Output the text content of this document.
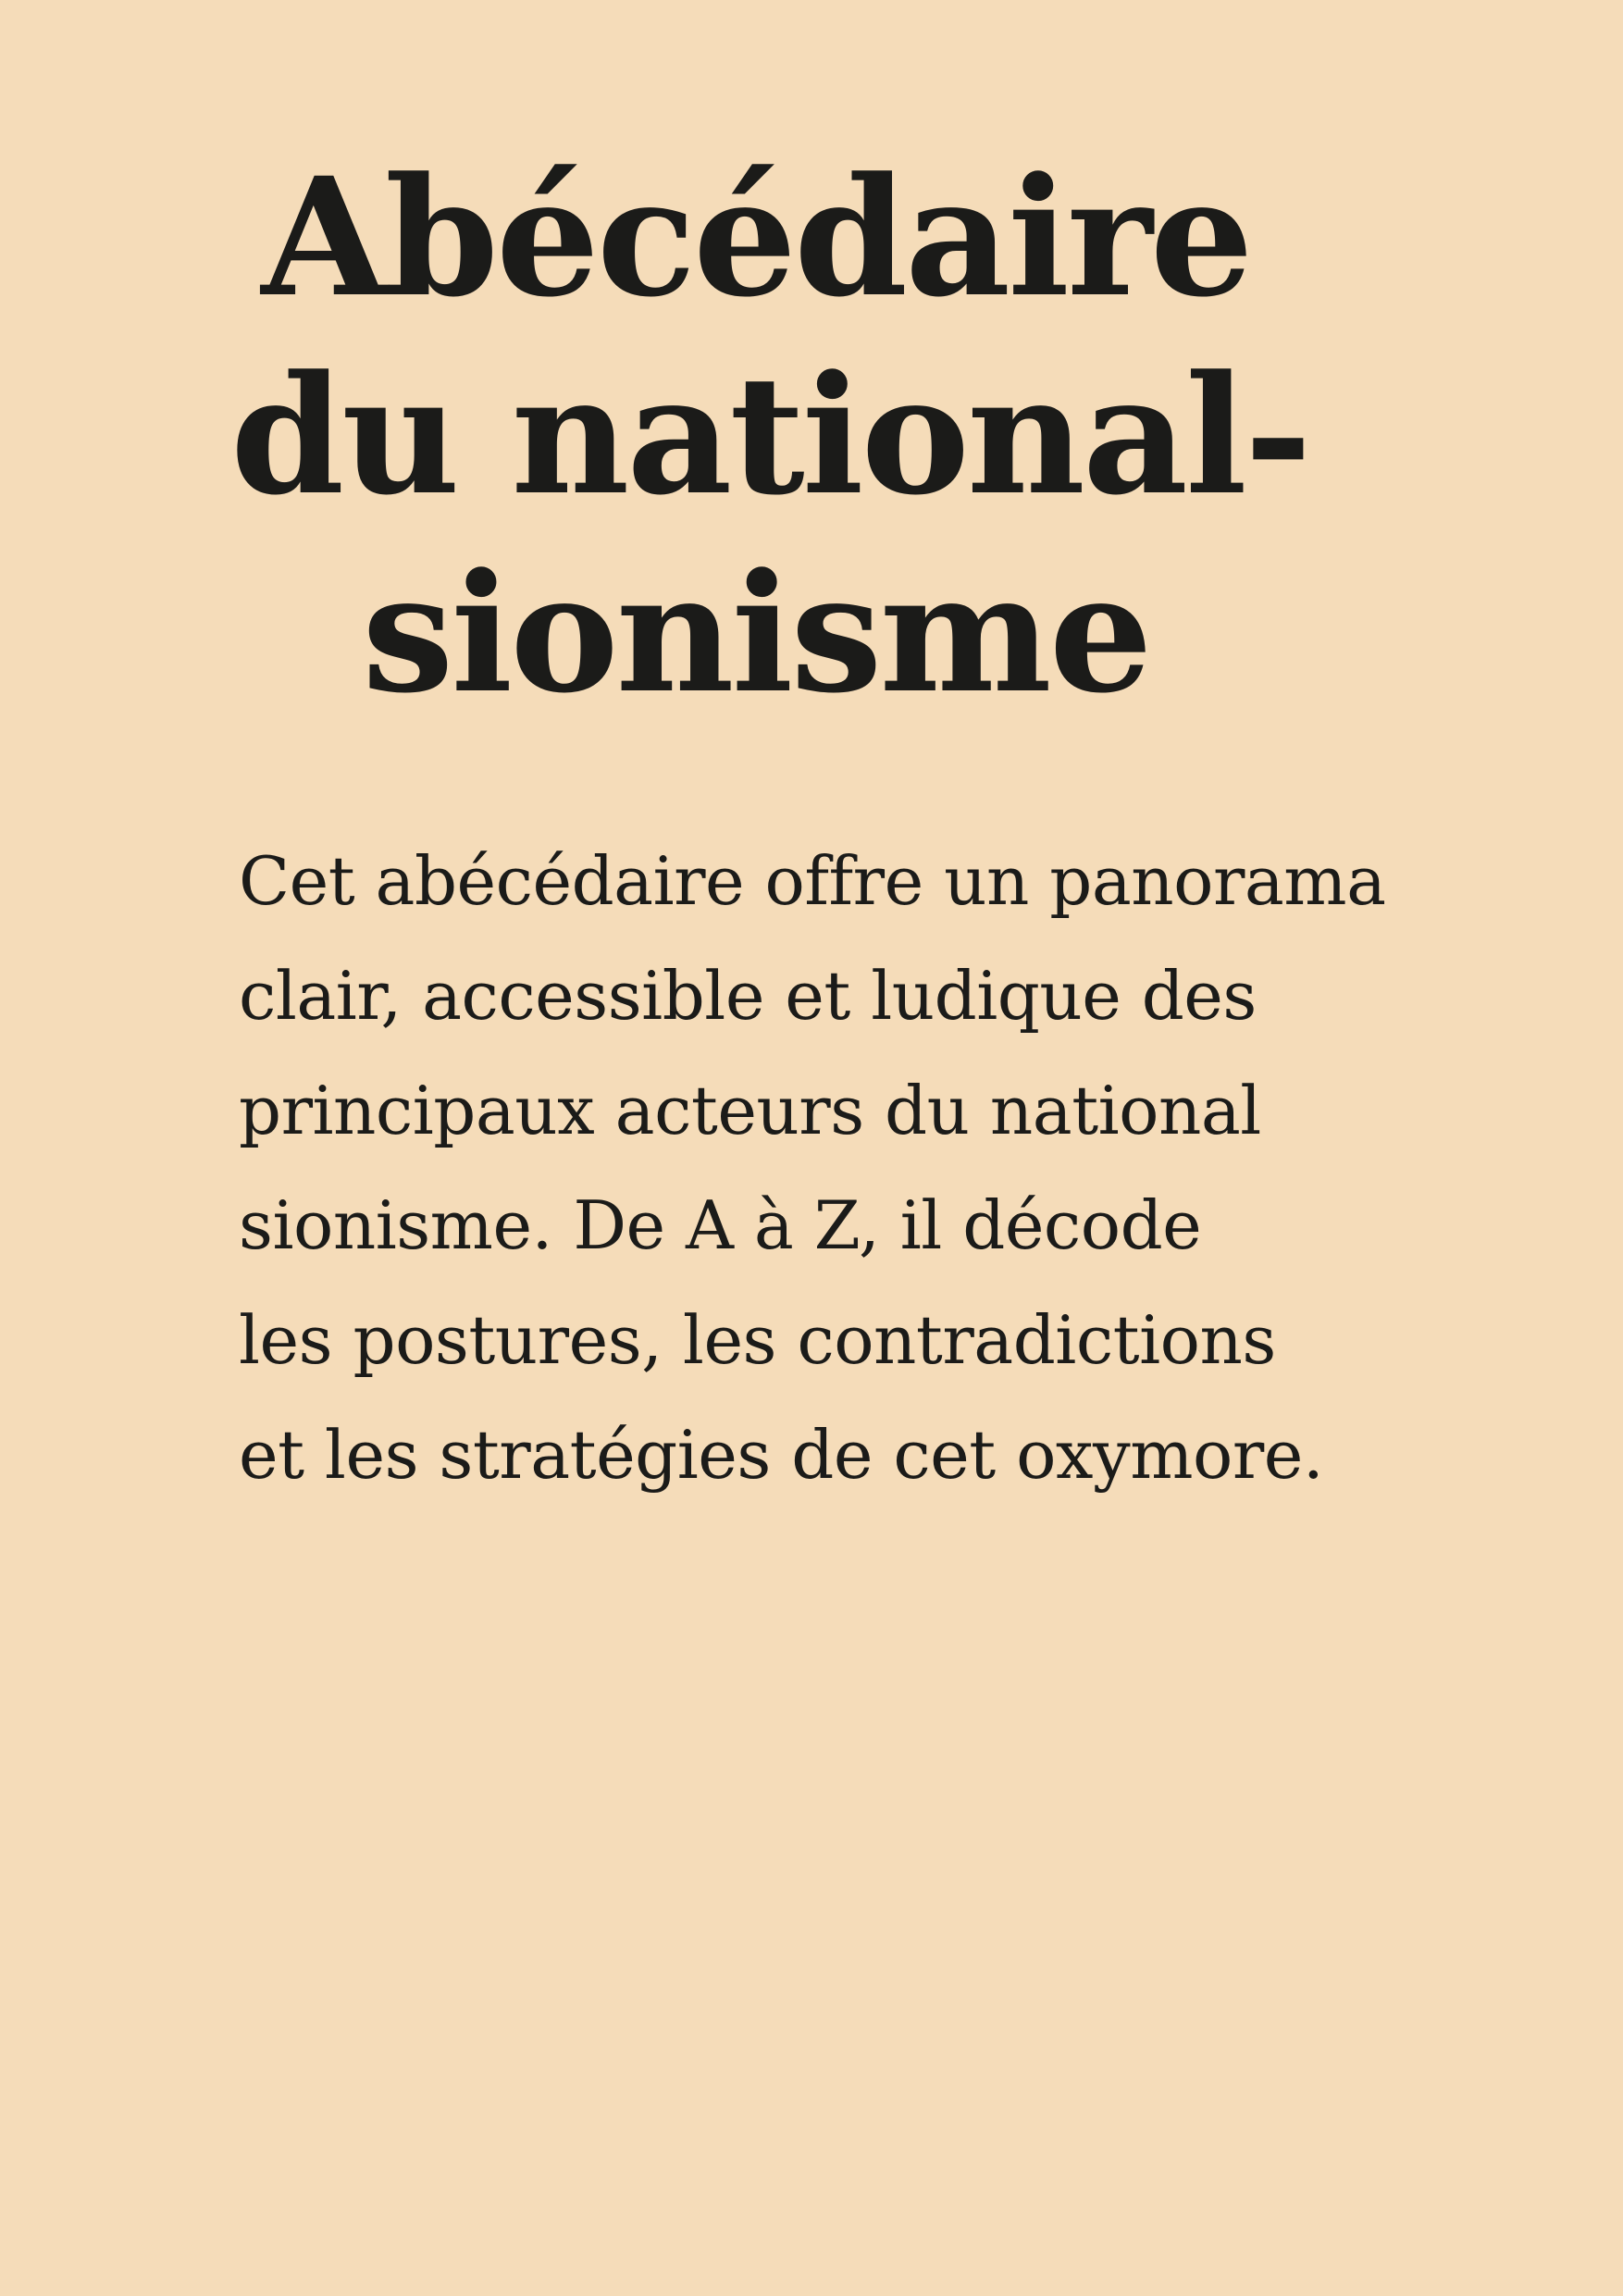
Abécédaire
du national-
sionisme
Cet abécédaire offre un panorama
clair, accessible et ludique des
principaux acteurs du national
sionisme. De A à Z, il décode
les postures, les contradictions
et les stratégies de cet oxymore.
